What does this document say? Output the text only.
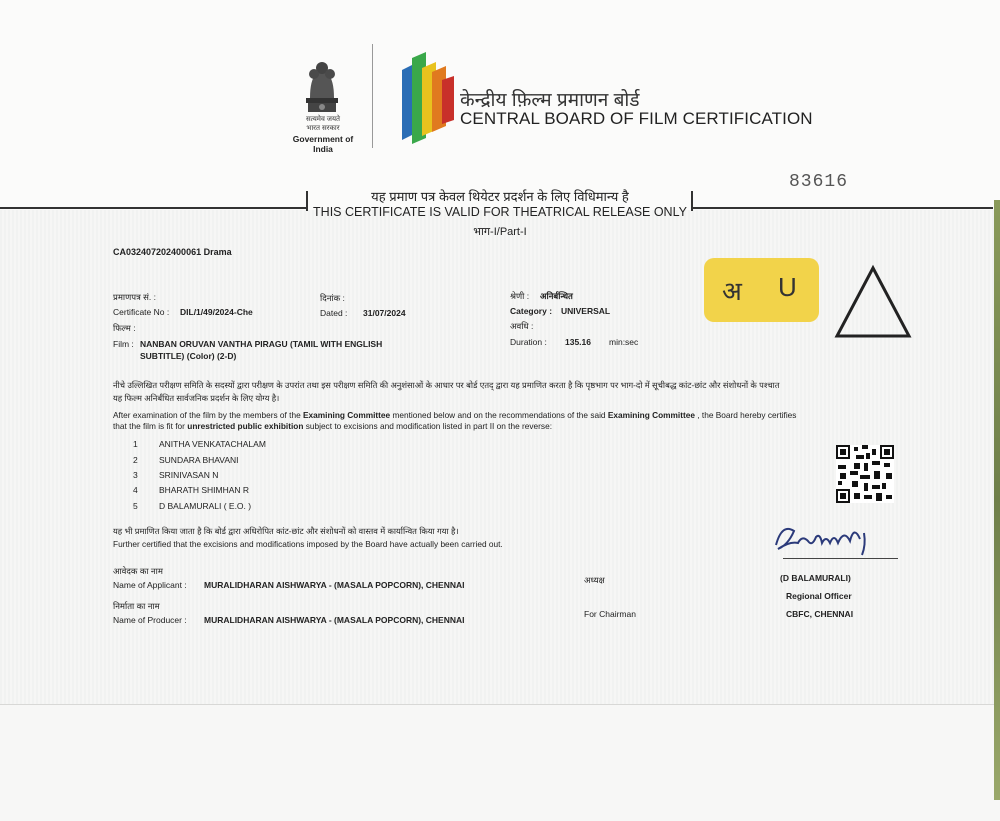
सत्यमेव जयते
भारत सरकार
Government of India
केन्द्रीय फ़िल्म प्रमाणन बोर्ड
CENTRAL BOARD OF FILM CERTIFICATION
83616
यह प्रमाण पत्र केवल थियेटर प्रदर्शन के लिए विधिमान्य है
THIS CERTIFICATE IS VALID FOR THEATRICAL RELEASE ONLY
भाग-I/Part-I
CA032407202400061 Drama
प्रमाणपत्र सं. :
Certificate No : DIL/1/49/2024-Che
दिनांक :
Dated : 31/07/2024
श्रेणी : अनिर्बन्धित
Category : UNIVERSAL
अवधि :
Duration : 135.16 min:sec
फिल्म :
Film : NANBAN ORUVAN VANTHA PIRAGU (TAMIL WITH ENGLISH
SUBTITLE) (Color) (2-D)
अ U
नीचे उल्लिखित परीक्षण समिति के सदस्यों द्वारा परीक्षण के उपरांत तथा इस परीक्षण समिति की अनुशंसाओं के आधार पर बोर्ड एतद् द्वारा यह प्रमाणित करता है कि पृष्ठभाग पर भाग-दो में सूचीबद्ध कांट-छांट और संशोधनों के पश्चात
यह फिल्म अनिर्बंधित सार्वजनिक प्रदर्शन के लिए योग्य है।
After examination of the film by the members of the Examining Committee mentioned below and on the recommendations of the said Examining Committee , the Board hereby certifies
that the film is fit for unrestricted public exhibition subject to excisions and modification listed in part II on the reverse:
1	ANITHA VENKATACHALAM
2	SUNDARA BHAVANI
3	SRINIVASAN N
4	BHARATH SHIMHAN R
5	D BALAMURALI ( E.O. )
यह भी प्रमाणित किया जाता है कि बोर्ड द्वारा अधिरोपित कांट-छांट और संशोधनों को वास्तव में कार्यान्वित किया गया है।
Further certified that the excisions and modifications imposed by the Board have actually been carried out.
आवेदक का नाम
Name of Applicant : MURALIDHARAN AISHWARYA - (MASALA POPCORN), CHENNAI
निर्माता का नाम
Name of Producer : MURALIDHARAN AISHWARYA - (MASALA POPCORN), CHENNAI
अध्यक्ष
For Chairman
(D BALAMURALI)
Regional Officer
CBFC, CHENNAI
